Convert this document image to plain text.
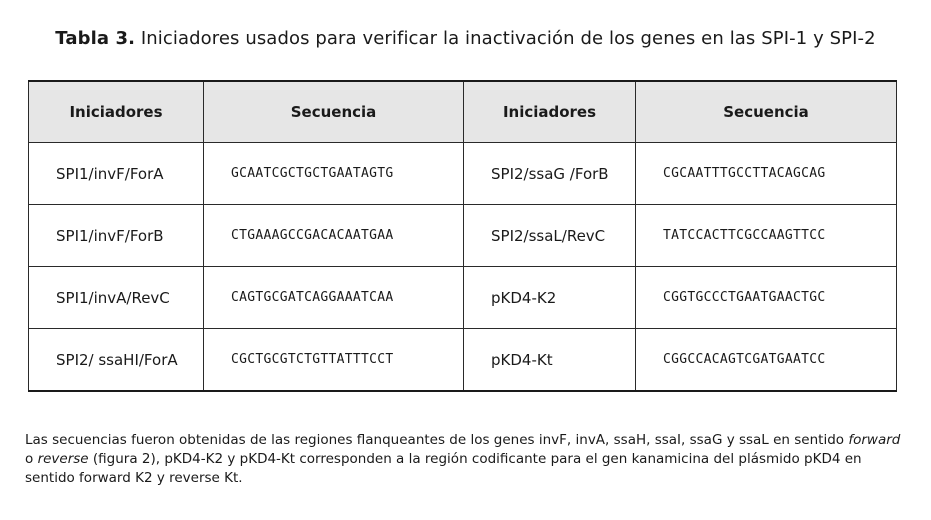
Tabla 3. Iniciadores usados para verificar la inactivación de los genes en las SPI-1 y SPI-2
Iniciadores	Secuencia	Iniciadores	Secuencia
SPI1/invF/ForA	GCAATCGCTGCTGAATAGTG	SPI2/ssaG /ForB	CGCAATTTGCCTTACAGCAG
SPI1/invF/ForB	CTGAAAGCCGACACAATGAA	SPI2/ssaL/RevC	TATCCACTTCGCCAAGTTCC
SPI1/invA/RevC	CAGTGCGATCAGGAAATCAA	pKD4-K2	CGGTGCCCTGAATGAACTGC
SPI2/ ssaHI/ForA	CGCTGCGTCTGTTATTTCCT	pKD4-Kt	CGGCCACAGTCGATGAATCC
Las secuencias fueron obtenidas de las regiones flanqueantes de los genes invF, invA, ssaH, ssaI, ssaG y ssaL en sentido forward o reverse (figura 2), pKD4-K2 y pKD4-Kt corresponden a la región codificante para el gen kanamicina del plásmido pKD4 en sentido forward K2 y reverse Kt.
